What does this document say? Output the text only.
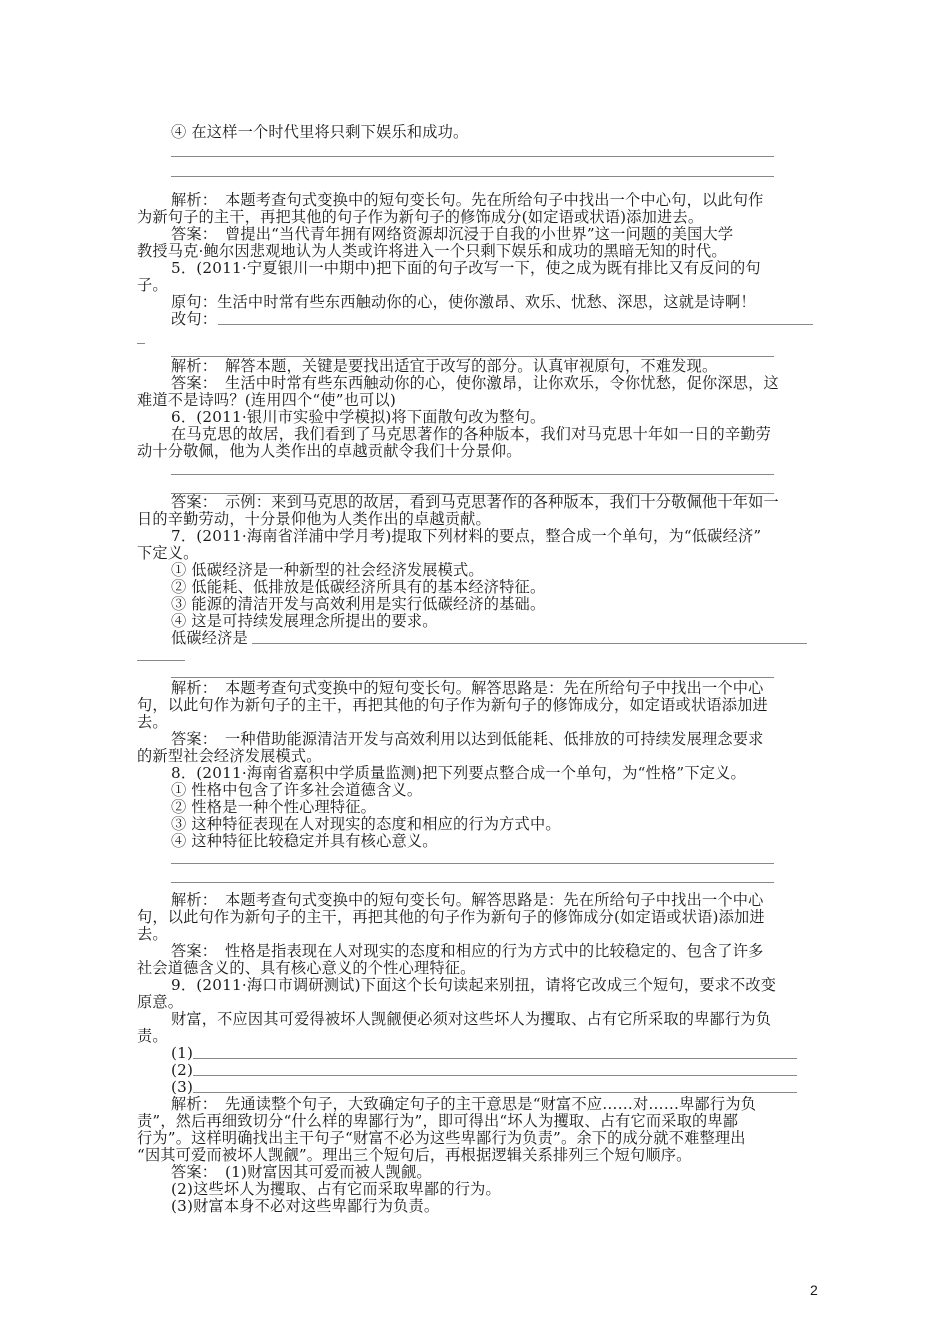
④ 在这样一个时代里将只剩下娱乐和成功。
解析：　本题考查句式变换中的短句变长句。先在所给句子中找出一个中心句，以此句作
为新句子的主干，再把其他的句子作为新句子的修饰成分(如定语或状语)添加进去。
答案：　曾提出“当代青年拥有网络资源却沉浸于自我的小世界”这一问题的美国大学
教授马克·鲍尔因悲观地认为人类或许将进入一个只剩下娱乐和成功的黑暗无知的时代。
5．(2011·宁夏银川一中期中)把下面的句子改写一下，使之成为既有排比又有反问的句
子。
原句：生活中时常有些东西触动你的心，使你激昂、欢乐、忧愁、深思，这就是诗啊！
改句：
解析：　解答本题，关键是要找出适宜于改写的部分。认真审视原句，不难发现。
答案：　生活中时常有些东西触动你的心，使你激昂，让你欢乐，令你忧愁，促你深思，这
难道不是诗吗？(连用四个“使”也可以)
6．(2011·银川市实验中学模拟)将下面散句改为整句。
在马克思的故居，我们看到了马克思著作的各种版本，我们对马克思十年如一日的辛勤劳
动十分敬佩，他为人类作出的卓越贡献令我们十分景仰。
答案：　示例：来到马克思的故居，看到马克思著作的各种版本，我们十分敬佩他十年如一
日的辛勤劳动，十分景仰他为人类作出的卓越贡献。
7．(2011·海南省洋浦中学月考)提取下列材料的要点，整合成一个单句，为“低碳经济”
下定义。
① 低碳经济是一种新型的社会经济发展模式。
② 低能耗、低排放是低碳经济所具有的基本经济特征。
③ 能源的清洁开发与高效利用是实行低碳经济的基础。
④ 这是可持续发展理念所提出的要求。
低碳经济是
解析：　本题考查句式变换中的短句变长句。解答思路是：先在所给句子中找出一个中心
句，以此句作为新句子的主干，再把其他的句子作为新句子的修饰成分，如定语或状语添加进
去。
答案：　一种借助能源清洁开发与高效利用以达到低能耗、低排放的可持续发展理念要求
的新型社会经济发展模式。
8．(2011·海南省嘉积中学质量监测)把下列要点整合成一个单句，为“性格”下定义。
① 性格中包含了许多社会道德含义。
② 性格是一种个性心理特征。
③ 这种特征表现在人对现实的态度和相应的行为方式中。
④ 这种特征比较稳定并具有核心意义。
解析：　本题考查句式变换中的短句变长句。解答思路是：先在所给句子中找出一个中心
句，以此句作为新句子的主干，再把其他的句子作为新句子的修饰成分(如定语或状语)添加进
去。
答案：　性格是指表现在人对现实的态度和相应的行为方式中的比较稳定的、包含了许多
社会道德含义的、具有核心意义的个性心理特征。
9．(2011·海口市调研测试)下面这个长句读起来别扭，请将它改成三个短句，要求不改变
原意。
财富，不应因其可爱得被坏人觊觎便必须对这些坏人为攫取、占有它所采取的卑鄙行为负
责。
(1)
(2)
(3)
解析：　先通读整个句子，大致确定句子的主干意思是“财富不应……对……卑鄙行为负
责”，然后再细致切分“什么样的卑鄙行为”，即可得出“坏人为攫取、占有它而采取的卑鄙
行为”。这样明确找出主干句子“财富不必为这些卑鄙行为负责”。余下的成分就不难整理出
“因其可爱而被坏人觊觎”。理出三个短句后，再根据逻辑关系排列三个短句顺序。
答案：　(1)财富因其可爱而被人觊觎。
(2)这些坏人为攫取、占有它而采取卑鄙的行为。
(3)财富本身不必对这些卑鄙行为负责。
2
